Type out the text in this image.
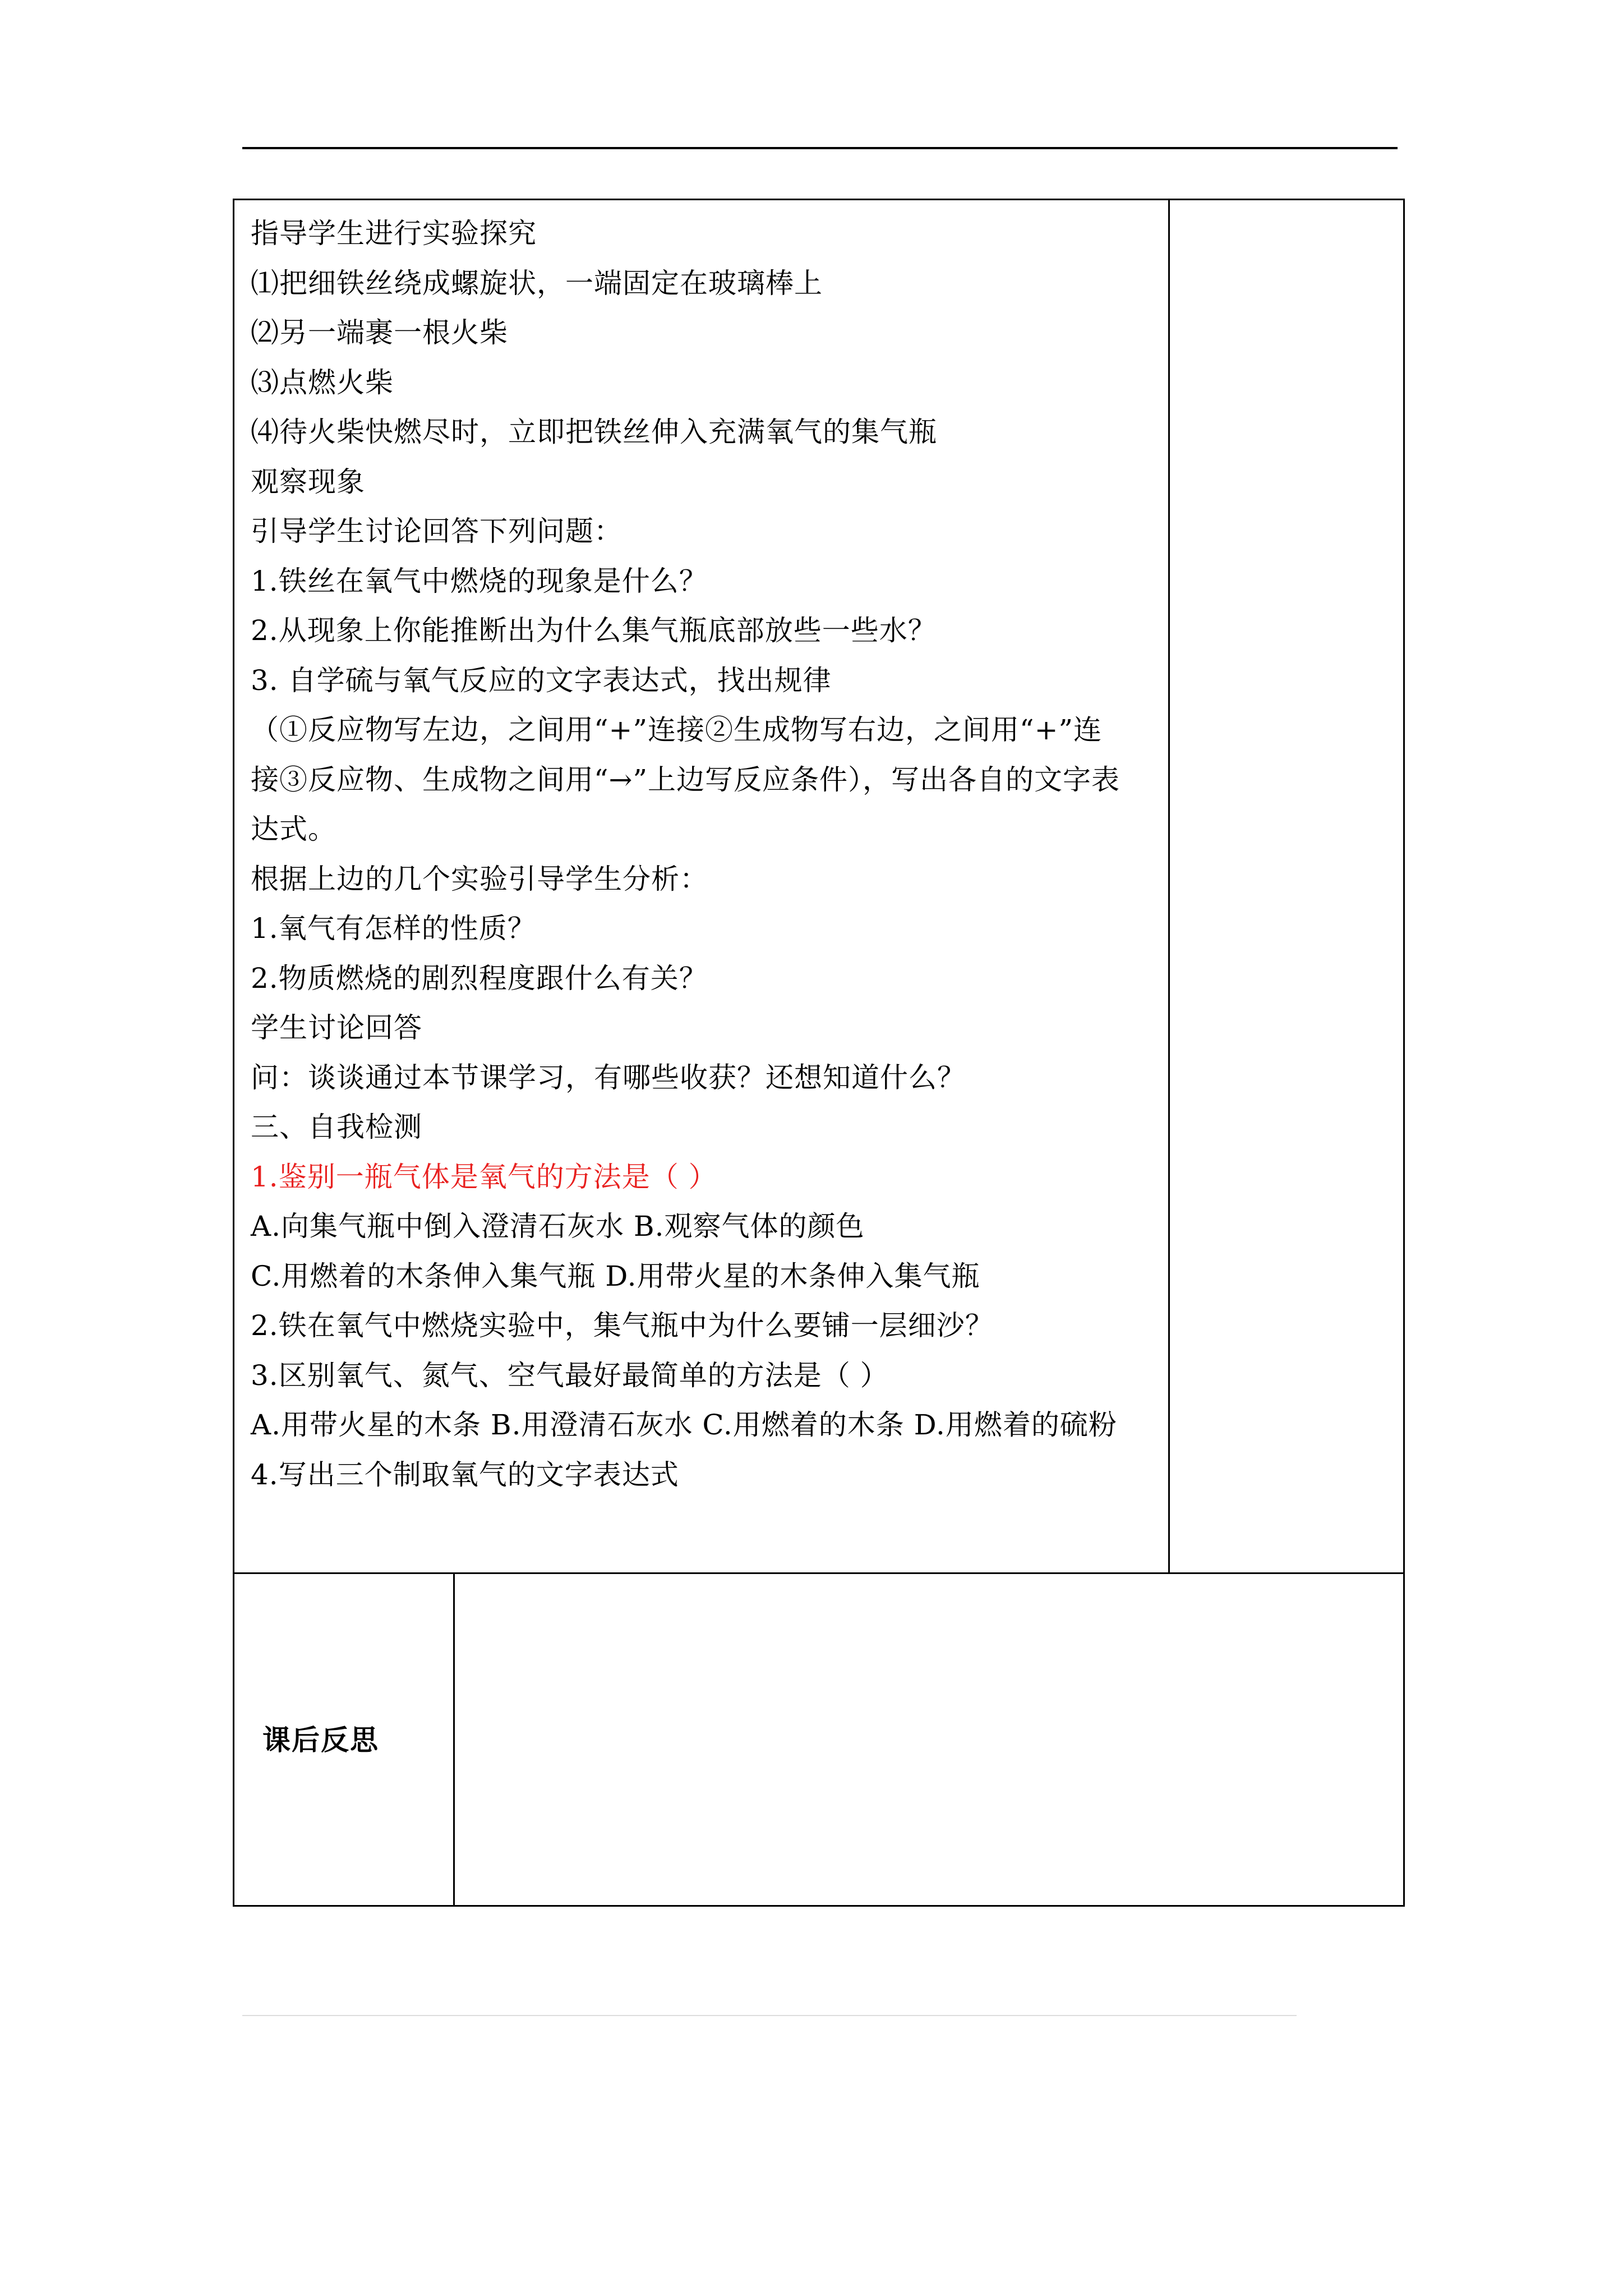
指导学生进行实验探究
⑴把细铁丝绕成螺旋状，一端固定在玻璃棒上
⑵另一端裹一根火柴
⑶点燃火柴
⑷待火柴快燃尽时，立即把铁丝伸入充满氧气的集气瓶
观察现象
引导学生讨论回答下列问题：
1.铁丝在氧气中燃烧的现象是什么？
2.从现象上你能推断出为什么集气瓶底部放些一些水？
3. 自学硫与氧气反应的文字表达式，找出规律
（①反应物写左边，之间用“+”连接②生成物写右边，之间用“+”连
接③反应物、生成物之间用“→”上边写反应条件），写出各自的文字表
达式。
根据上边的几个实验引导学生分析：
1.氧气有怎样的性质？
2.物质燃烧的剧烈程度跟什么有关？
学生讨论回答
问：谈谈通过本节课学习，有哪些收获？还想知道什么？
三、自我检测
1.鉴别一瓶气体是氧气的方法是（ ）
A.向集气瓶中倒入澄清石灰水 B.观察气体的颜色
C.用燃着的木条伸入集气瓶 D.用带火星的木条伸入集气瓶
2.铁在氧气中燃烧实验中，集气瓶中为什么要铺一层细沙？
3.区别氧气、氮气、空气最好最简单的方法是（ ）
A.用带火星的木条 B.用澄清石灰水 C.用燃着的木条 D.用燃着的硫粉
4.写出三个制取氧气的文字表达式
课后反思
